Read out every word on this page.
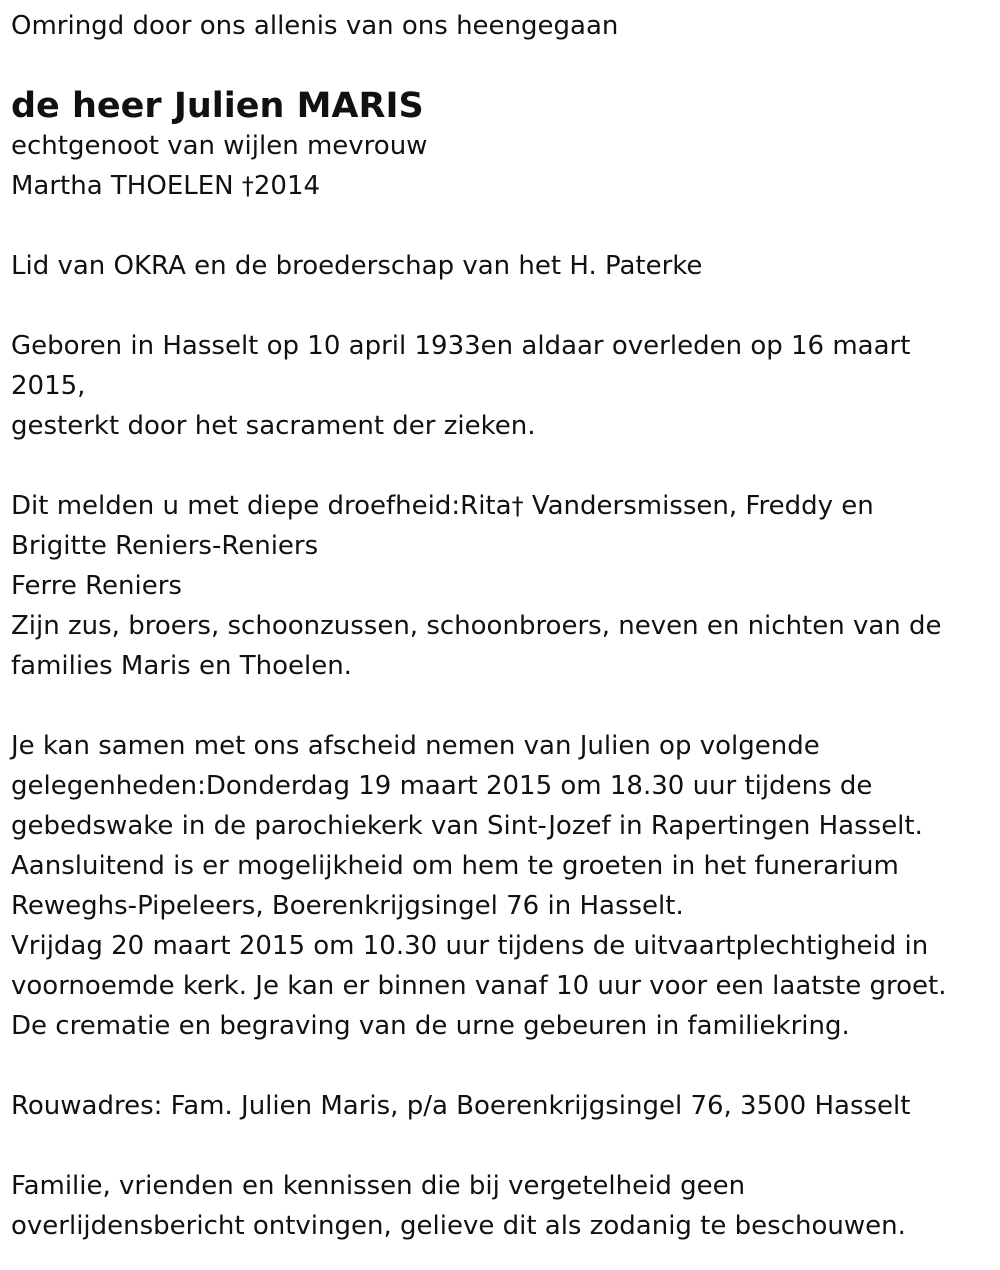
Omringd door ons allenis van ons heengegaan
de heer Julien MARIS
echtgenoot van wijlen mevrouw
Martha THOELEN †2014
Lid van OKRA en de broederschap van het H. Paterke
Geboren in Hasselt op 10 april 1933en aldaar overleden op 16 maart
2015,
gesterkt door het sacrament der zieken.
Dit melden u met diepe droefheid:Rita† Vandersmissen, Freddy en
Brigitte Reniers-Reniers
Ferre Reniers
Zijn zus, broers, schoonzussen, schoonbroers, neven en nichten van de
families Maris en Thoelen.
Je kan samen met ons afscheid nemen van Julien op volgende
gelegenheden:Donderdag 19 maart 2015 om 18.30 uur tijdens de
gebedswake in de parochiekerk van Sint-Jozef in Rapertingen Hasselt.
Aansluitend is er mogelijkheid om hem te groeten in het funerarium
Reweghs-Pipeleers, Boerenkrijgsingel 76 in Hasselt.
Vrijdag 20 maart 2015 om 10.30 uur tijdens de uitvaartplechtigheid in
voornoemde kerk. Je kan er binnen vanaf 10 uur voor een laatste groet.
De crematie en begraving van de urne gebeuren in familiekring.
Rouwadres: Fam. Julien Maris, p/a Boerenkrijgsingel 76, 3500 Hasselt
Familie, vrienden en kennissen die bij vergetelheid geen
overlijdensbericht ontvingen, gelieve dit als zodanig te beschouwen.
